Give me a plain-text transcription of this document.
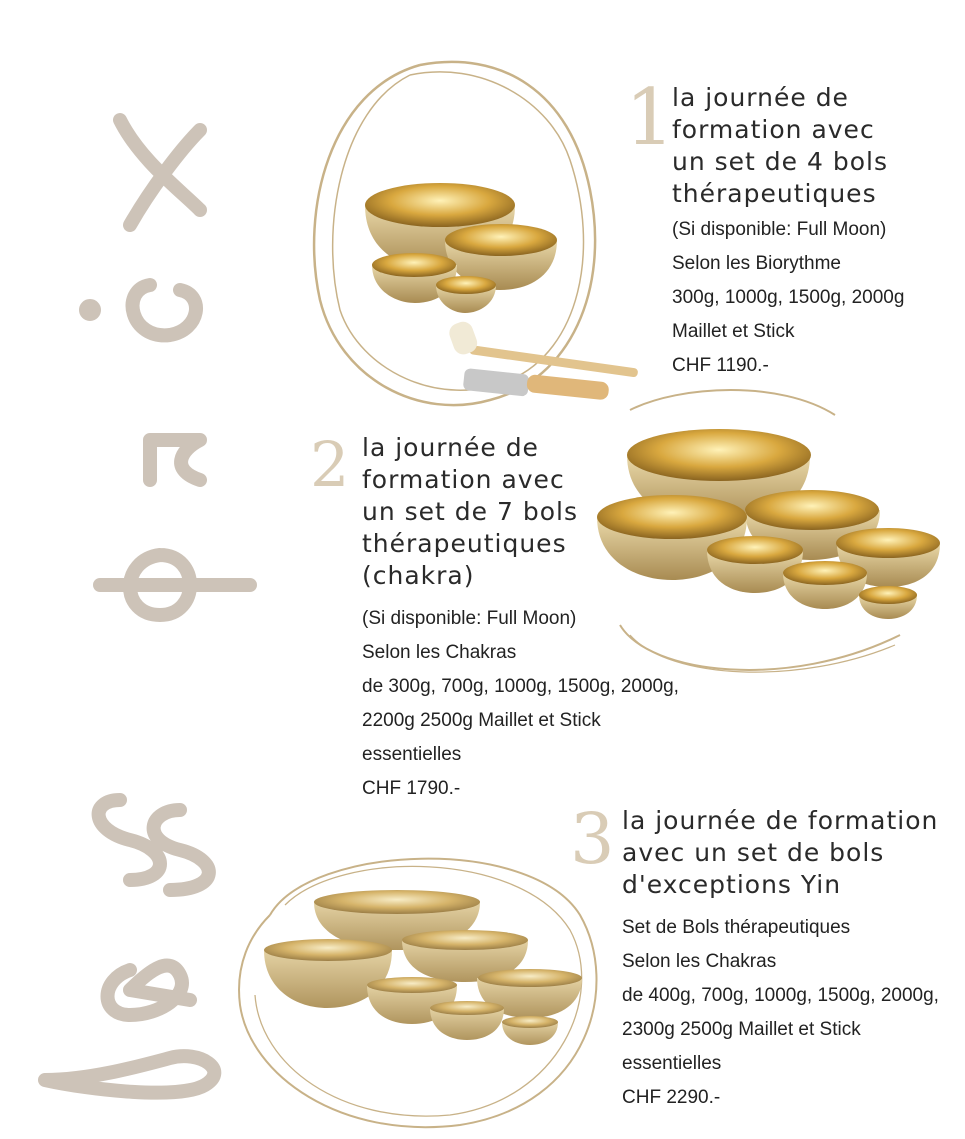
1
la journée de
formation avec
un set de 4 bols
thérapeutiques
(Si disponible: Full Moon)
Selon les Biorythme
300g, 1000g, 1500g, 2000g
Maillet et Stick
CHF 1190.-
2 la journée de
formation avec
un set de 7 bols
thérapeutiques
(chakra)
(Si disponible: Full Moon)
Selon les Chakras
de 300g, 700g, 1000g, 1500g, 2000g,
2200g 2500g Maillet et Stick
essentielles
CHF 1790.-
3 la journée de formation
avec un set de bols
d'exceptions Yin
Set de Bols thérapeutiques
Selon les Chakras
de 400g, 700g, 1000g, 1500g, 2000g,
2300g 2500g Maillet et Stick
essentielles
CHF 2290.-
